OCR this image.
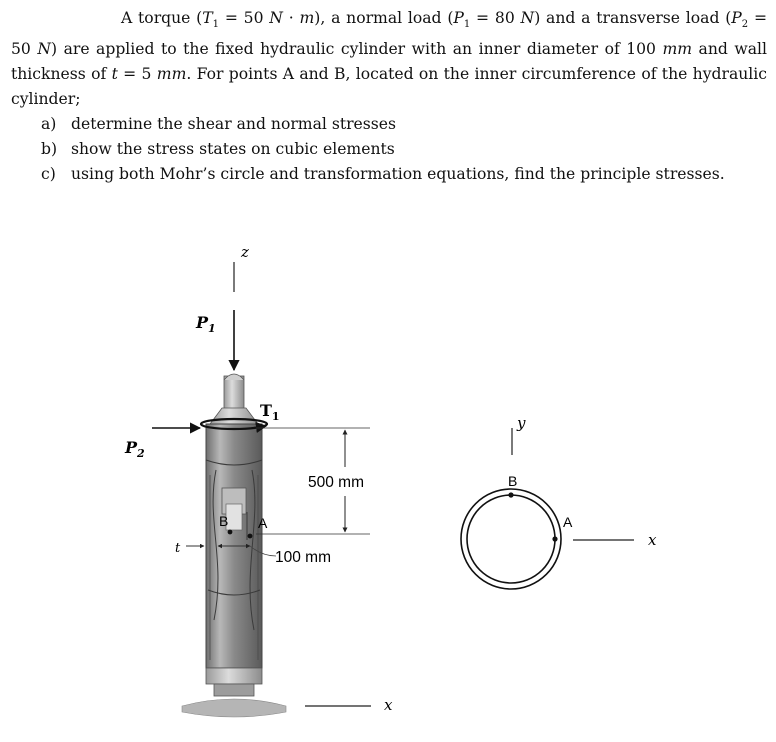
A torque ($T_1 = 50$ N · m), a normal load ($P_1 = 80$ N) and a transverse load ($P_2 = 50$ N) are applied to the fixed hydraulic cylinder with an inner diameter of 100 mm and wall thickness of t = 5 mm. For points A and B, located on the inner circumference of the hydraulic cylinder;

a) determine the shear and normal stresses
b) show the stress states on cubic elements
c) using both Mohr’s circle and transformation equations, find the principle stresses.
z
$P_1$
$T_1$
$P_2$
B A
t
500 mm
100 mm
x
y
B
A
x
